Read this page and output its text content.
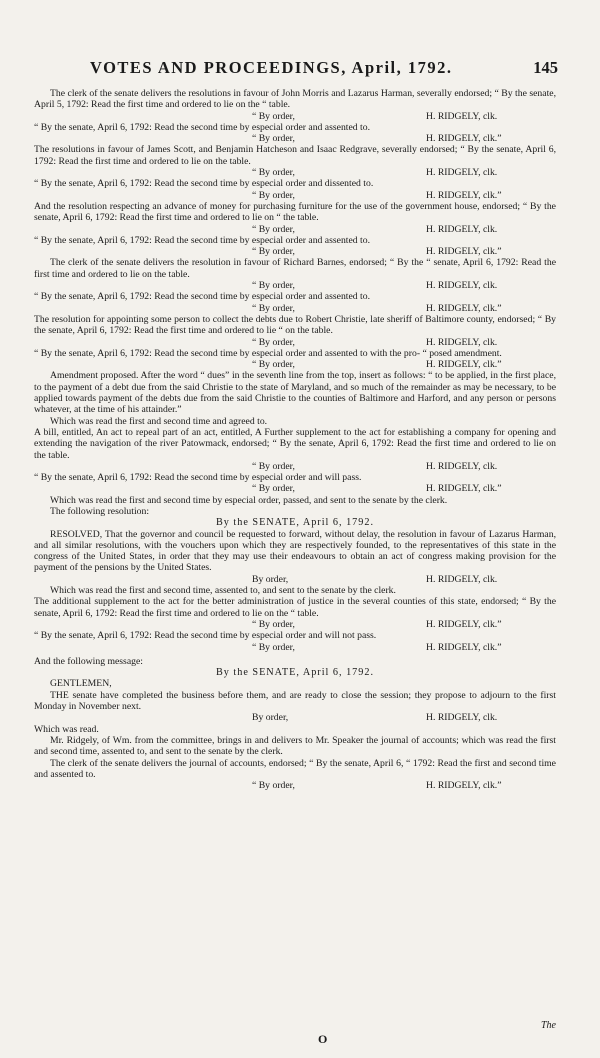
VOTES AND PROCEEDINGS, April, 1792.	145

The clerk of the senate delivers the resolutions in favour of John Morris and Lazarus Harman, severally endorsed; “ By the senate, April 5, 1792: Read the first time and ordered to lie on the “ table.

“ By order,	H. RIDGELY, clk.

“ By the senate, April 6, 1792: Read the second time by especial order and assented to.

“ By order,	H. RIDGELY, clk.”

The resolutions in favour of James Scott, and Benjamin Hatcheson and Isaac Redgrave, severally endorsed; “ By the senate, April 6, 1792: Read the first time and ordered to lie on the table.

“ By order,	H. RIDGELY, clk.

“ By the senate, April 6, 1792: Read the second time by especial order and dissented to.

“ By order,	H. RIDGELY, clk.”

And the resolution respecting an advance of money for purchasing furniture for the use of the government house, endorsed; “ By the senate, April 6, 1792: Read the first time and ordered to lie on “ the table.

“ By order,	H. RIDGELY, clk.

“ By the senate, April 6, 1792: Read the second time by especial order and assented to.

“ By order,	H. RIDGELY, clk.”

The clerk of the senate delivers the resolution in favour of Richard Barnes, endorsed; “ By the “ senate, April 6, 1792: Read the first time and ordered to lie on the table.

“ By order,	H. RIDGELY, clk.

“ By the senate, April 6, 1792: Read the second time by especial order and assented to.

“ By order,	H. RIDGELY, clk.”

The resolution for appointing some person to collect the debts due to Robert Christie, late sheriff of Baltimore county, endorsed; “ By the senate, April 6, 1792: Read the first time and ordered to lie “ on the table.

“ By order,	H. RIDGELY, clk.

“ By the senate, April 6, 1792: Read the second time by especial order and assented to with the pro- “ posed amendment.

“ By order,	H. RIDGELY, clk.”

Amendment proposed. After the word “ dues” in the seventh line from the top, insert as follows: “ to be applied, in the first place, to the payment of a debt due from the said Christie to the state of Maryland, and so much of the remainder as may be necessary, to be applied towards payment of the debts due from the said Christie to the counties of Baltimore and Harford, and any person or persons whatever, at the time of his attainder.”

Which was read the first and second time and agreed to.

A bill, entitled, An act to repeal part of an act, entitled, A Further supplement to the act for establishing a company for opening and extending the navigation of the river Patowmack, endorsed; “ By the senate, April 6, 1792: Read the first time and ordered to lie on the table.

“ By order,	H. RIDGELY, clk.

“ By the senate, April 6, 1792: Read the second time by especial order and will pass.

“ By order,	H. RIDGELY, clk.”

Which was read the first and second time by especial order, passed, and sent to the senate by the clerk.

The following resolution:

By the SENATE, April 6, 1792.

RESOLVED, That the governor and council be requested to forward, without delay, the resolution in favour of Lazarus Harman, and all similar resolutions, with the vouchers upon which they are respectively founded, to the representatives of this state in the congress of the United States, in order that they may use their endeavours to obtain an act of congress making provision for the payment of the pensions by the United States.

By order,	H. RIDGELY, clk.

Which was read the first and second time, assented to, and sent to the senate by the clerk.

The additional supplement to the act for the better administration of justice in the several counties of this state, endorsed; “ By the senate, April 6, 1792: Read the first time and ordered to lie on the “ table.

“ By order,	H. RIDGELY, clk.”

“ By the senate, April 6, 1792: Read the second time by especial order and will not pass.

“ By order,	H. RIDGELY, clk.”

And the following message:

By the SENATE, April 6, 1792.

GENTLEMEN,

THE senate have completed the business before them, and are ready to close the session; they propose to adjourn to the first Monday in November next.

By order,	H. RIDGELY, clk.

Which was read.

Mr. Ridgely, of Wm. from the committee, brings in and delivers to Mr. Speaker the journal of accounts; which was read the first and second time, assented to, and sent to the senate by the clerk.

The clerk of the senate delivers the journal of accounts, endorsed; “ By the senate, April 6, “ 1792: Read the first and second time and assented to.

“ By order,	H. RIDGELY, clk.”
O
The
